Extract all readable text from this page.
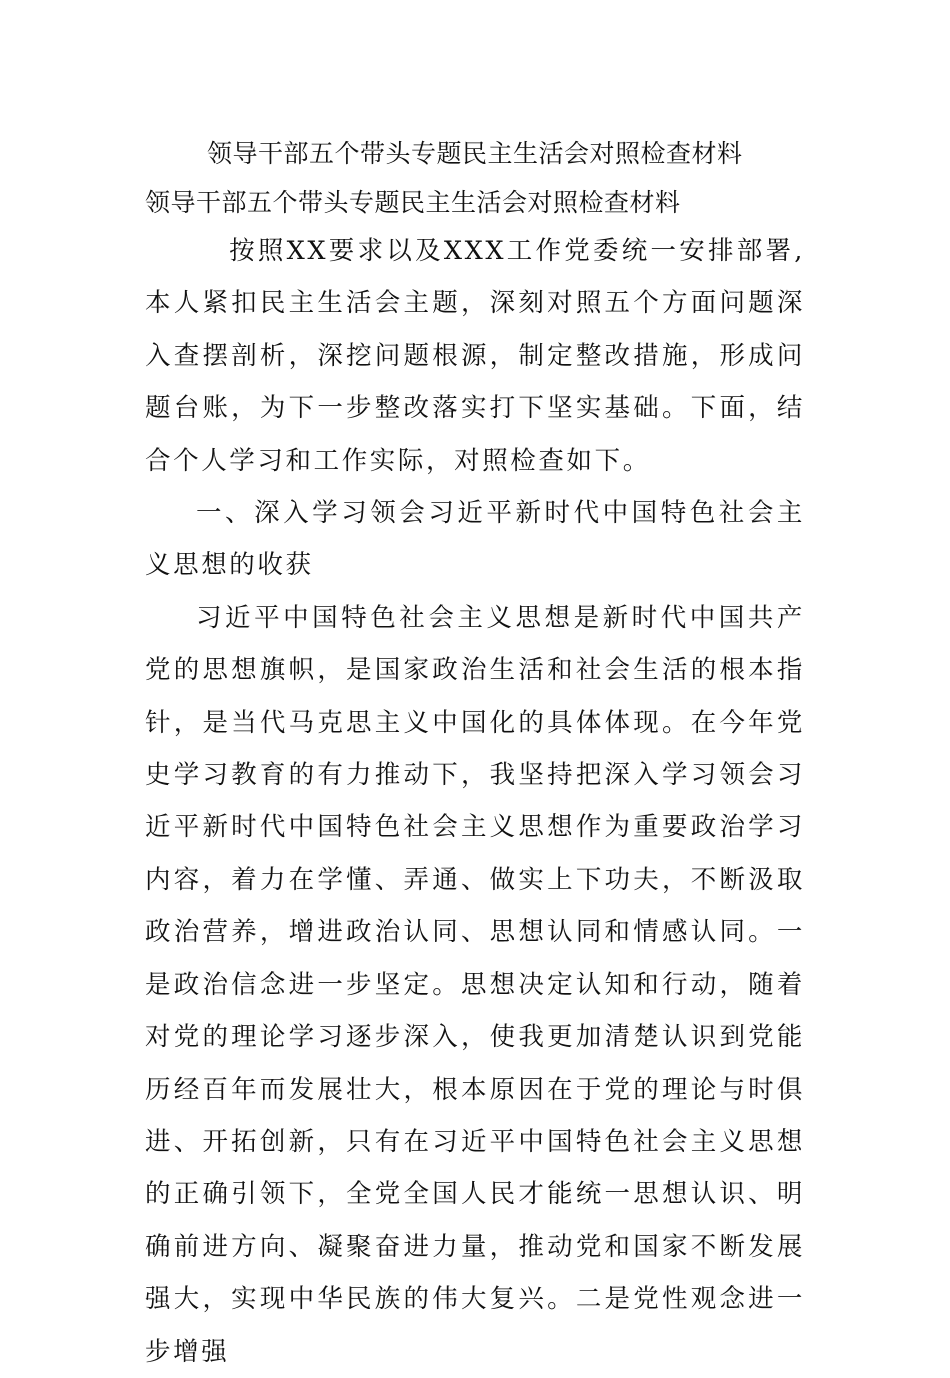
领导干部五个带头专题民主生活会对照检查材料
领导干部五个带头专题民主生活会对照检查材料

按照XX要求以及XXX工作党委统一安排部署,本人紧扣民主生活会主题，深刻对照五个方面问题深入查摆剖析，深挖问题根源，制定整改措施，形成问题台账，为下一步整改落实打下坚实基础。下面，结合个人学习和工作实际，对照检查如下。

一、深入学习领会习近平新时代中国特色社会主义思想的收获

习近平中国特色社会主义思想是新时代中国共产党的思想旗帜，是国家政治生活和社会生活的根本指针，是当代马克思主义中国化的具体体现。在今年党史学习教育的有力推动下，我坚持把深入学习领会习近平新时代中国特色社会主义思想作为重要政治学习内容，着力在学懂、弄通、做实上下功夫，不断汲取政治营养，增进政治认同、思想认同和情感认同。一是政治信念进一步坚定。思想决定认知和行动，随着对党的理论学习逐步深入，使我更加清楚认识到党能历经百年而发展壮大，根本原因在于党的理论与时俱进、开拓创新，只有在习近平中国特色社会主义思想的正确引领下，全党全国人民才能统一思想认识、明确前进方向、凝聚奋进力量，推动党和国家不断发展强大，实现中华民族的伟大复兴。二是党性观念进一步增强
